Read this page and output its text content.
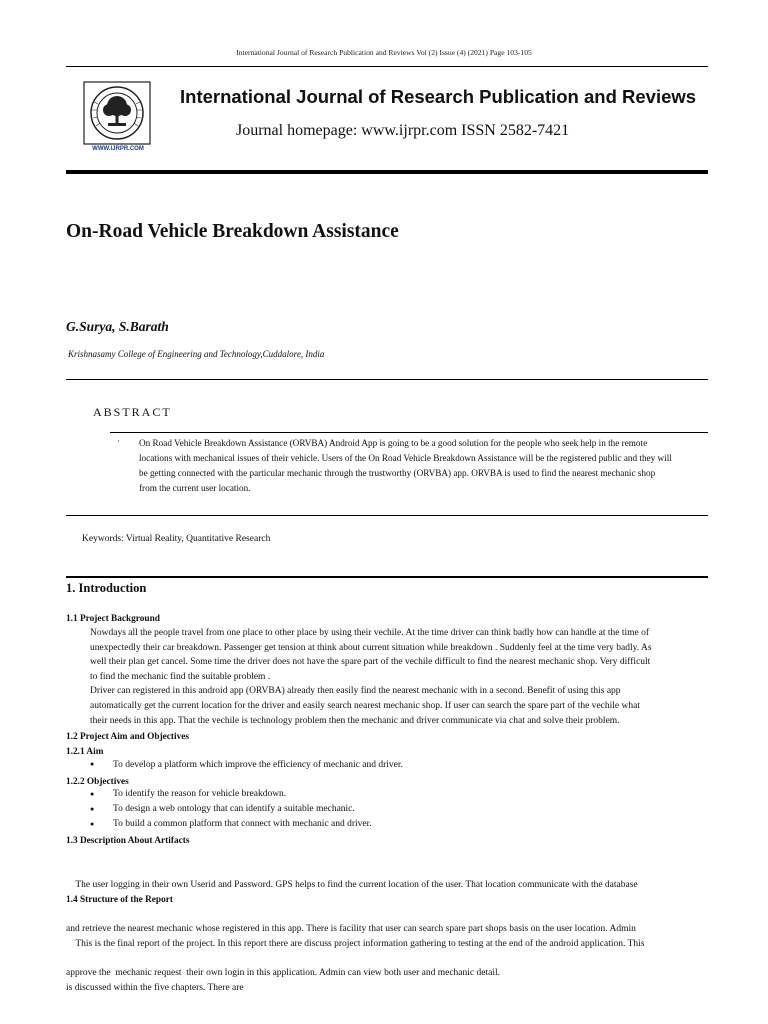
International Journal of Research Publication and Reviews Vol (2) Issue (4) (2021) Page 103-105
WWW.IJRPR.COM
International Journal of Research Publication and Reviews
Journal homepage: www.ijrpr.com ISSN 2582-7421
On-Road Vehicle Breakdown Assistance
G.Surya, S.Barath
Krishnasamy College of Engineering and Technology,Cuddalore, India
ABSTRACT
· On Road Vehicle Breakdown Assistance (ORVBA) Android App is going to be a good solution for the people who seek help in the remote
locations with mechanical issues of their vehicle. Users of the On Road Vehicle Breakdown Assistance will be the registered public and they will
be getting connected with the particular mechanic through the trustworthy (ORVBA) app. ORVBA is used to find the nearest mechanic shop
from the current user location.
Keywords: Virtual Reality, Quantitative Research
1. Introduction
1.1 Project Background
Nowdays all the people travel from one place to other place by using their vechile. At the time driver can think badly how can handle at the time of
unexpectedly their car breakdown. Passenger get tension at think about current situation while breakdown . Suddenly feel at the time very badly. As
well their plan get cancel. Some time the driver does not have the spare part of the vechile difficult to find the nearest mechanic shop. Very difficult
to find the mechanic find the suitable problem .
Driver can registered in this android app (ORVBA) already then easily find the nearest mechanic with in a second. Benefit of using this app
automatically get the current location for the driver and easily search nearest mechanic shop. If user can search the spare part of the vechile what
their needs in this app. That the vechile is technology problem then the mechanic and driver communicate via chat and solve their problem.
1.2 Project Aim and Objectives
1.2.1 Aim
● To develop a platform which improve the efficiency of mechanic and driver.
1.2.2 Objectives
● To identify the reason for vehicle breakdown.
● To design a web ontology that can identify a suitable mechanic.
● To build a common platform that connect with mechanic and driver.
1.3 Description About Artifacts

The user logging in their own Userid and Password. GPS helps to find the current location of the user. That location communicate with the database

and retrieve the nearest mechanic whose registered in this app. There is facility that user can search spare part shops basis on the user location. Admin

approve the  mechanic request  their own login in this application. Admin can view both user and mechanic detail.

1.4 Structure of the Report

This is the final report of the project. In this report there are discuss project information gathering to testing at the end of the android application. This

is discussed within the five chapters. There are
